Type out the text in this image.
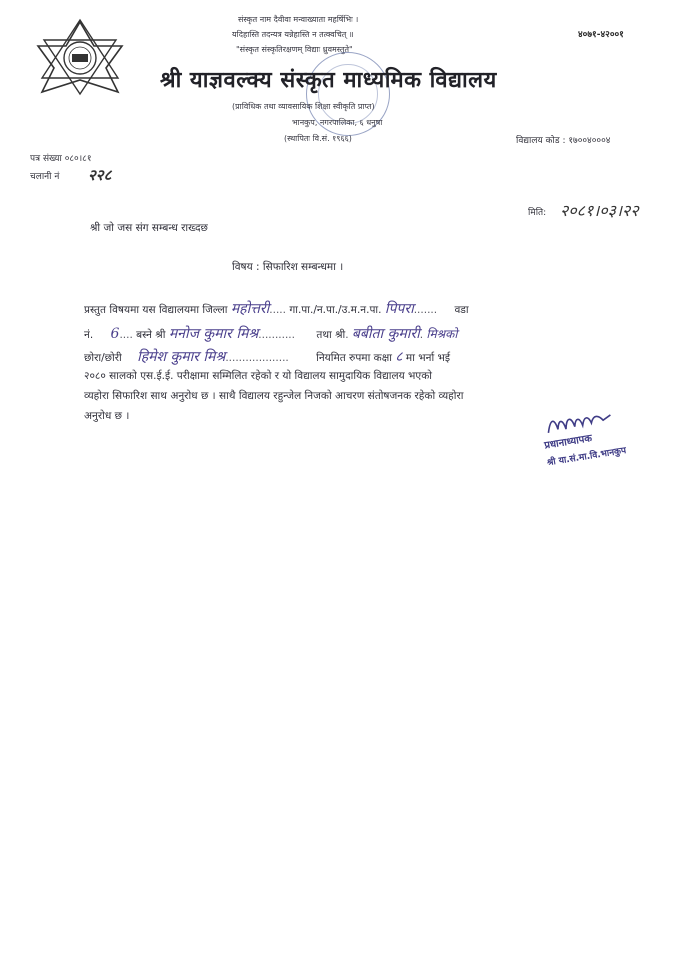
संस्कृत नाम दैवीवा मन्वाख्याता महर्षिभिः ।
यदिहास्ति तदन्यत्र यन्नेहास्ति न तत्क्वचित् ॥
"संस्कृत संस्कृतिरक्षणम् विद्याः ध्रुवमस्तुते"
४०७१-४२००१
श्री याज्ञवल्क्य संस्कृत माध्यमिक विद्यालय
(प्राविधिक तथा व्यावसायिक शिक्षा स्वीकृति प्राप्त)
भानकुप, नगरपालिका, ६ धनुषा
(स्थापितः वि.सं. १९६६)	विद्यालय कोड : १७००४०००४
पत्र संख्या ०८०।८१
चलानी नं २२८
मिति: २०८१।०३।२२
श्री जो जस संग सम्बन्ध राख्दछ
विषय : सिफारिश सम्बन्धमा ।
प्रस्तुत विषयमा यस विद्यालयमा जिल्ला महोत्तरी..... गा.पा./न.पा./उ.म.न.पा. पिपरा....... वडा
नं. 6.... बस्ने श्री मनोज कुमार मिश्र........... तथा श्री. बबीता कुमारी. मिश्रको
छोरा/छोरी हिमेश कुमार मिश्र...................	नियमित रुपमा कक्षा ८ मा भर्ना भई
२०८० सालको एस.ई.ई. परीक्षामा सम्मिलित रहेको र यो विद्यालय सामुदायिक विद्यालय भएको
व्यहोरा सिफारिश साथ अनुरोध छ । साथै विद्यालय रहुन्जेल निजको आचरण संतोषजनक रहेको व्यहोरा
अनुरोध छ ।
प्रधानाध्यापक
श्री या.सं.मा.वि.भानकुप
